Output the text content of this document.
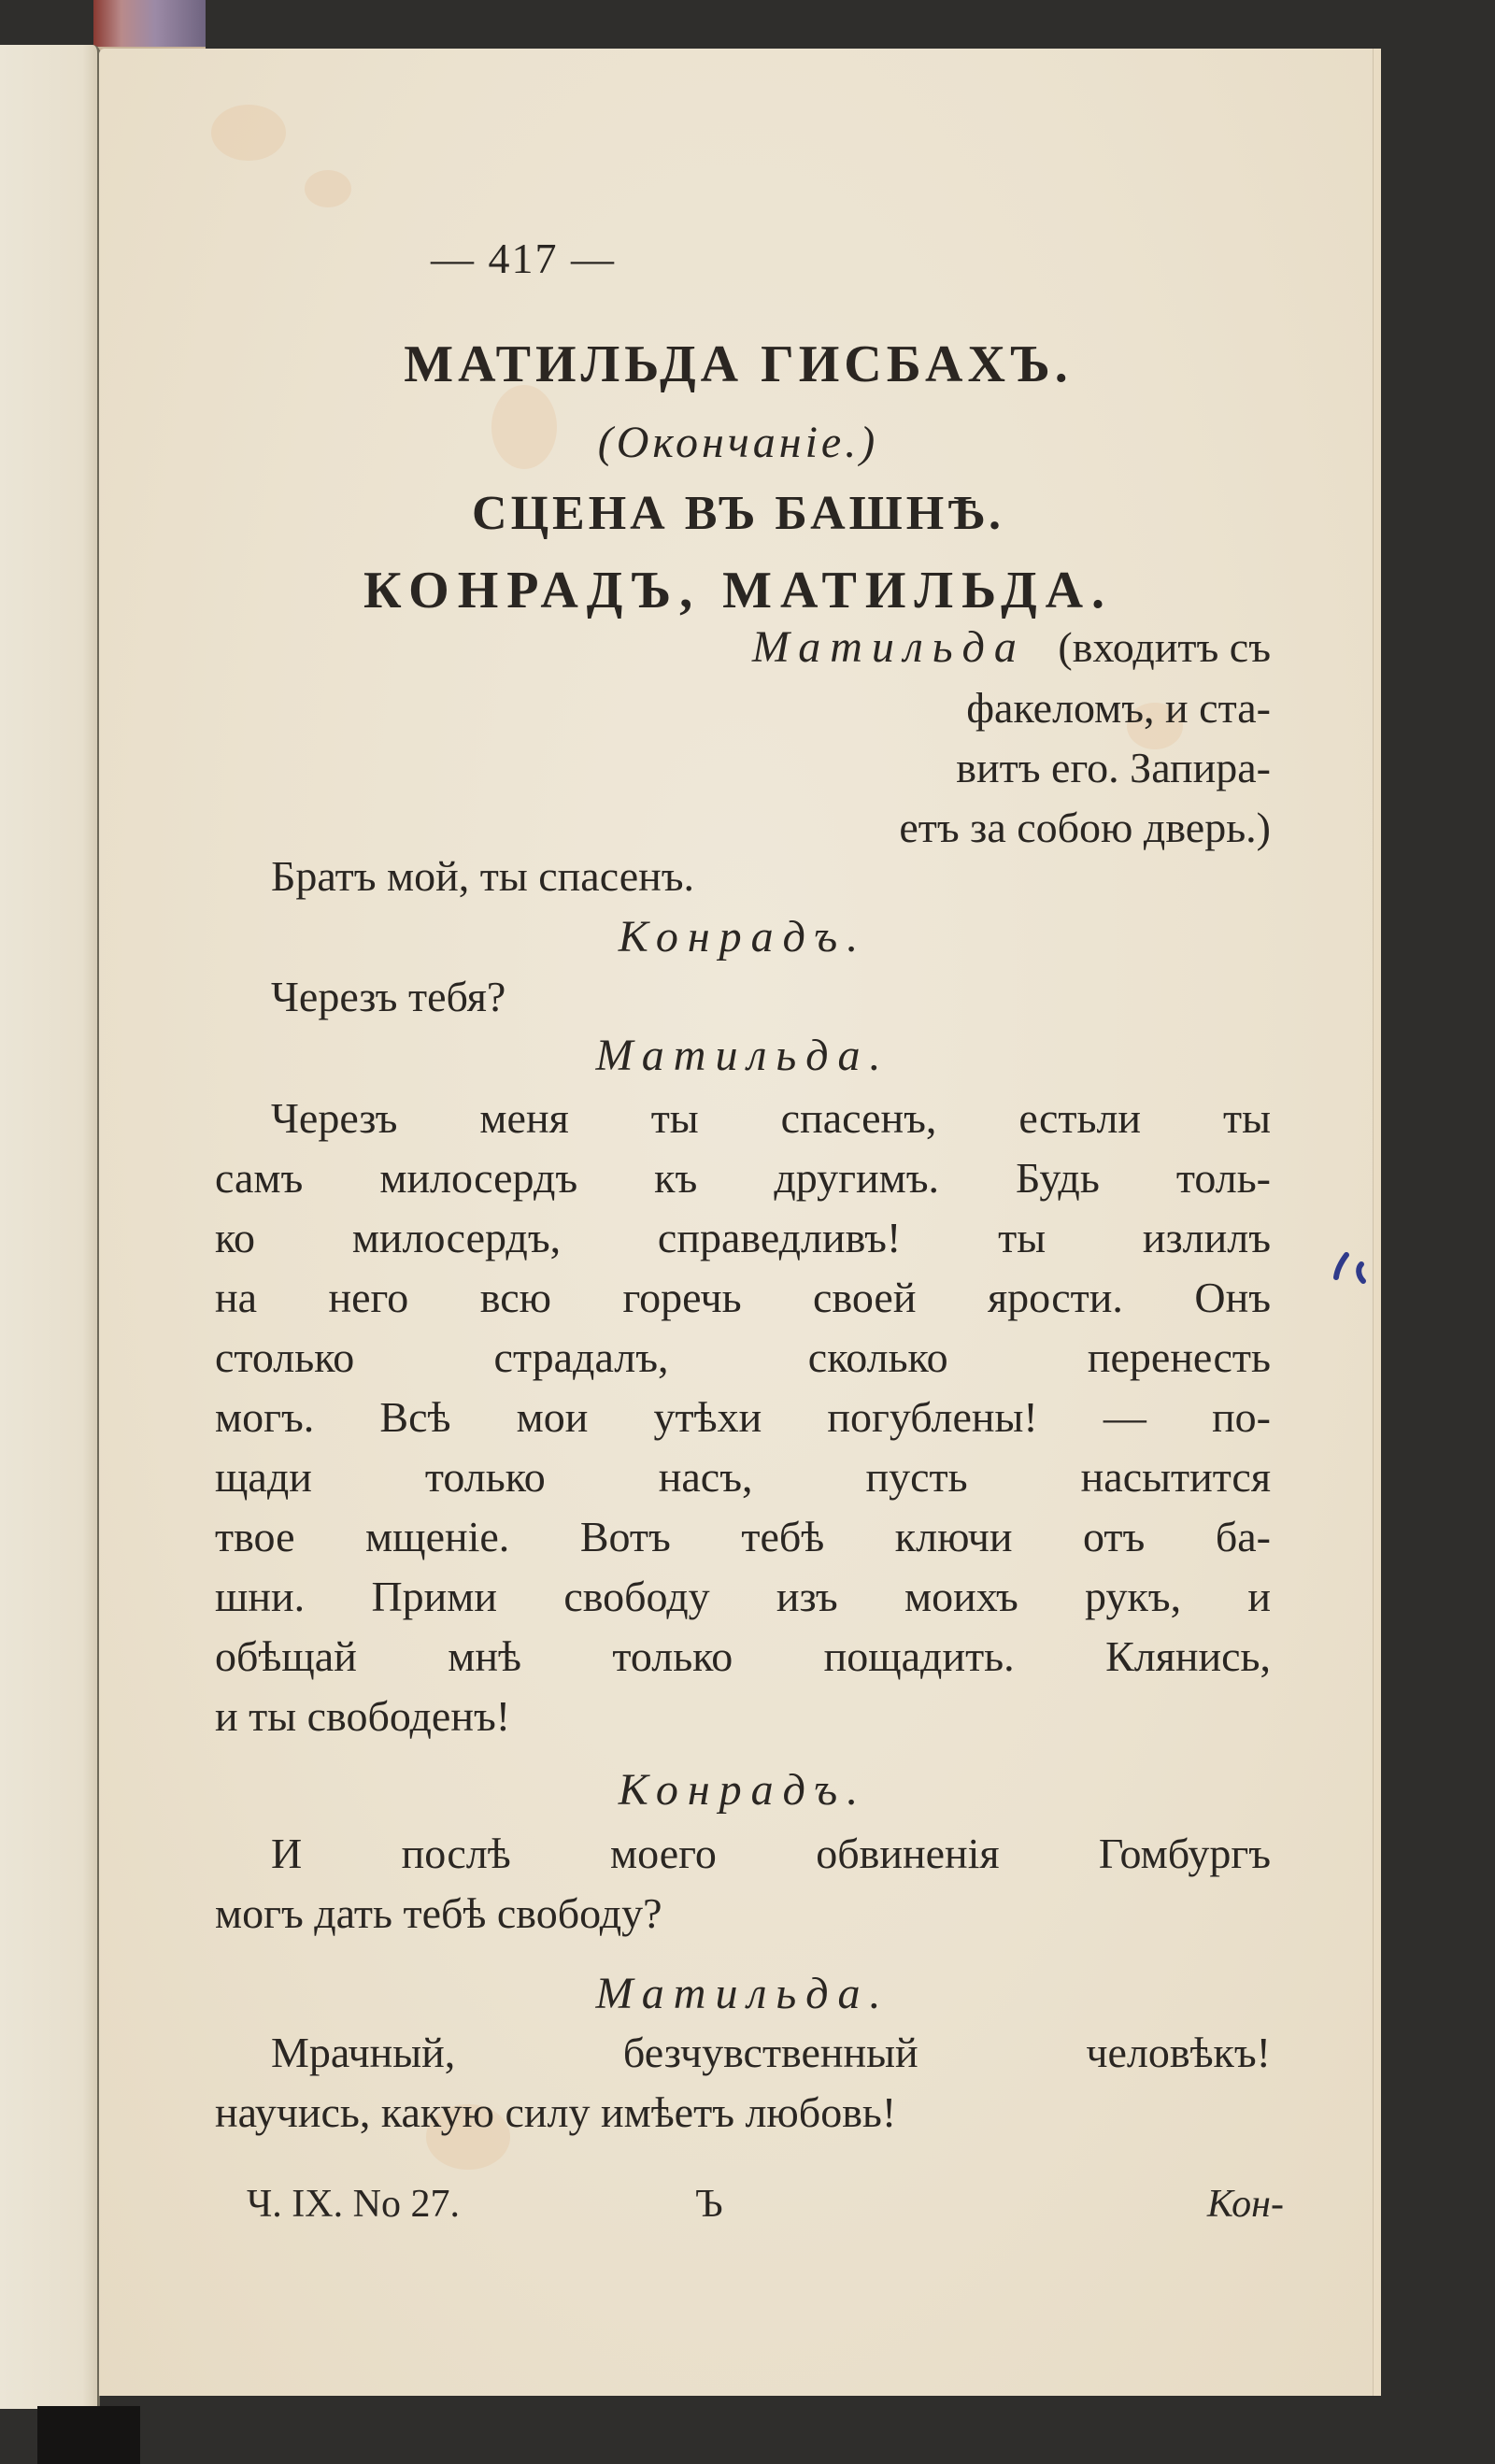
— 417 —
МАТИЛЬДА ГИСБАХЪ.
(Окончаніе.)
СЦЕНА ВЪ БАШНѢ.
КОНРАДЪ, МАТИЛЬДА.
Матильда (входитъ съ
факеломъ, и ста-
витъ его. Запира-
етъ за собою дверь.)
Братъ мой, ты спасенъ.
Конрадъ.
Черезъ тебя?
Матильда.
Черезъ меня ты спасенъ, естьли ты
самъ милосердъ къ другимъ. Будь толь-
ко милосердъ, справедливъ! ты излилъ
на него всю горечь своей ярости. Онъ
столько страдалъ, сколько перенесть
могъ. Всѣ мои утѣхи погублены! — по-
щади только насъ, пусть насытится
твое мщеніе. Вотъ тебѣ ключи отъ ба-
шни. Прими свободу изъ моихъ рукъ, и
обѣщай мнѣ только пощадить. Клянись,
и ты свободенъ!
Конрадъ.
И послѣ моего обвиненія Гомбургъ
могъ дать тебѣ свободу?
Матильда.
Мрачный, безчувственный человѣкъ!
научись, какую силу имѣетъ любовь!
Ч. IX. No 27.	Ъ	Кон-
